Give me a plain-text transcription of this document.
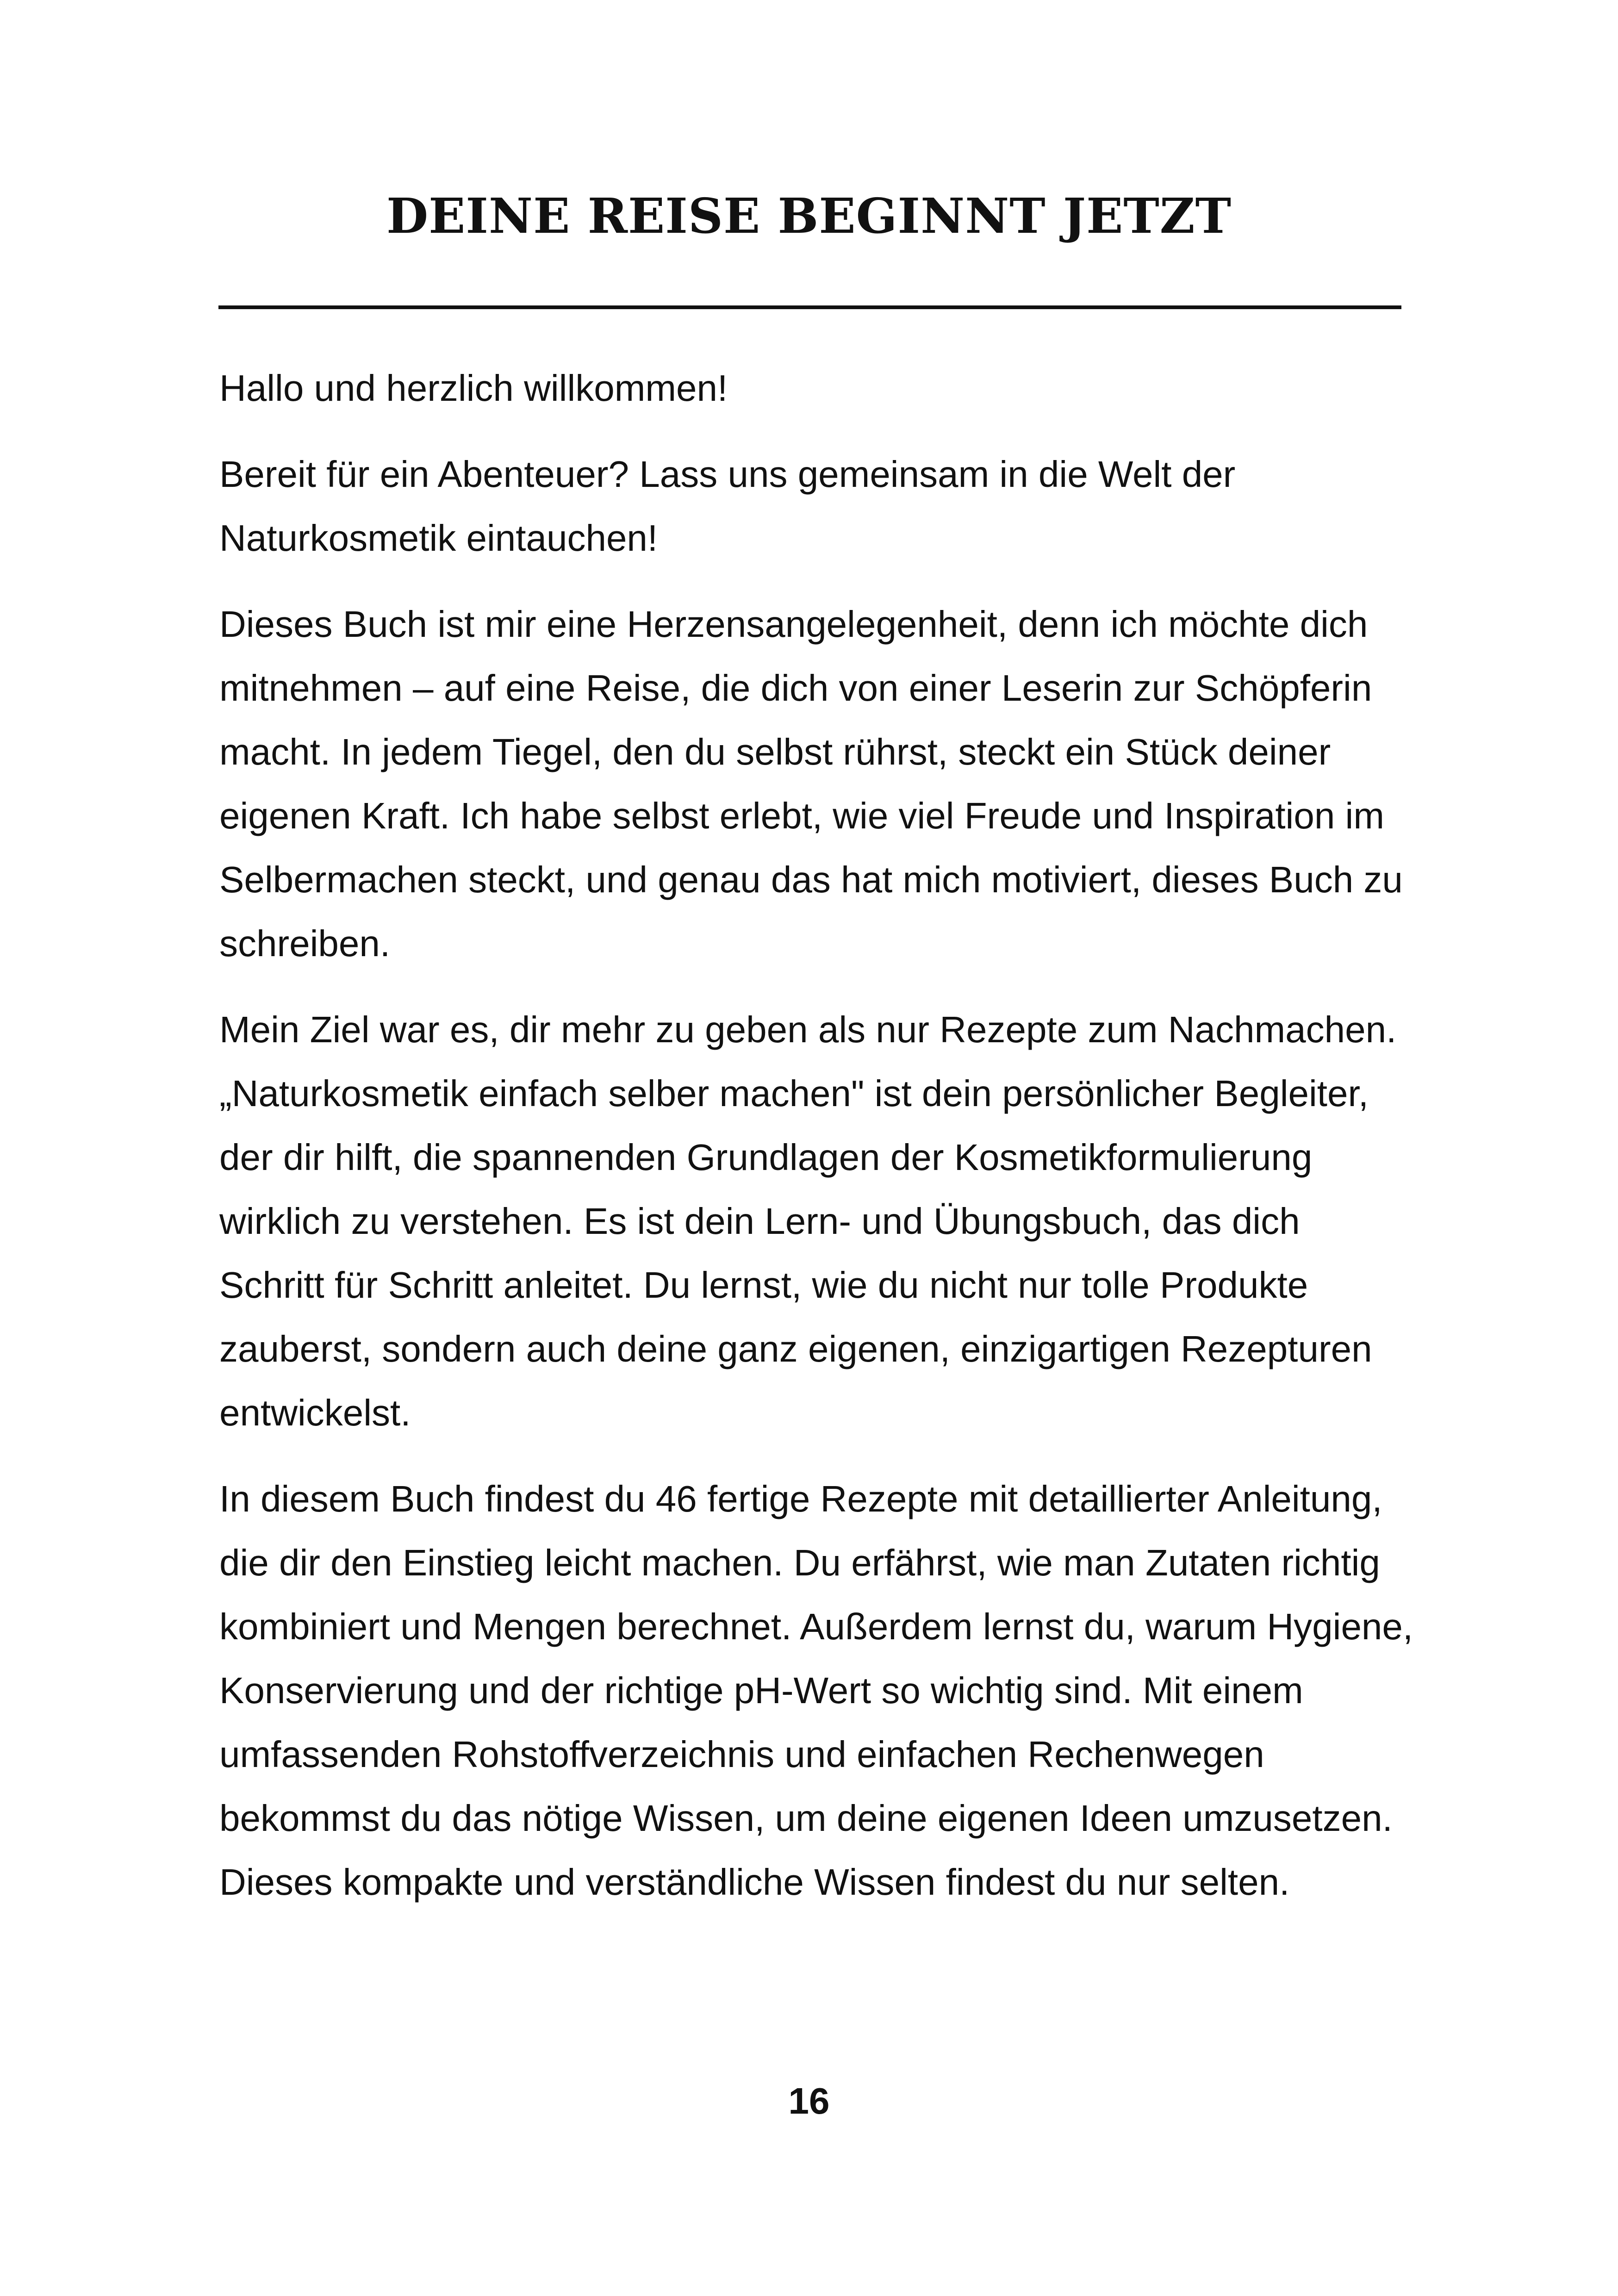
DEINE REISE BEGINNT JETZT

Hallo und herzlich willkommen!

Bereit für ein Abenteuer? Lass uns gemeinsam in die Welt der Naturkosmetik eintauchen!

Dieses Buch ist mir eine Herzensangelegenheit, denn ich möchte dich mitnehmen – auf eine Reise, die dich von einer Leserin zur Schöpferin macht. In jedem Tiegel, den du selbst rührst, steckt ein Stück deiner eigenen Kraft. Ich habe selbst erlebt, wie viel Freude und Inspiration im Selbermachen steckt, und genau das hat mich motiviert, dieses Buch zu schreiben.

Mein Ziel war es, dir mehr zu geben als nur Rezepte zum Nachmachen. „Naturkosmetik einfach selber machen" ist dein persönlicher Begleiter, der dir hilft, die spannenden Grundlagen der Kosmetikformulierung wirklich zu verstehen. Es ist dein Lern- und Übungsbuch, das dich Schritt für Schritt anleitet. Du lernst, wie du nicht nur tolle Produkte zauberst, sondern auch deine ganz eigenen, einzigartigen Rezepturen entwickelst.

In diesem Buch findest du 46 fertige Rezepte mit detaillierter Anleitung, die dir den Einstieg leicht machen. Du erfährst, wie man Zutaten richtig kombiniert und Mengen berechnet. Außerdem lernst du, warum Hygiene, Konservierung und der richtige pH-Wert so wichtig sind. Mit einem umfassenden Rohstoffverzeichnis und einfachen Rechenwegen bekommst du das nötige Wissen, um deine eigenen Ideen umzusetzen. Dieses kompakte und verständliche Wissen findest du nur selten.

16
